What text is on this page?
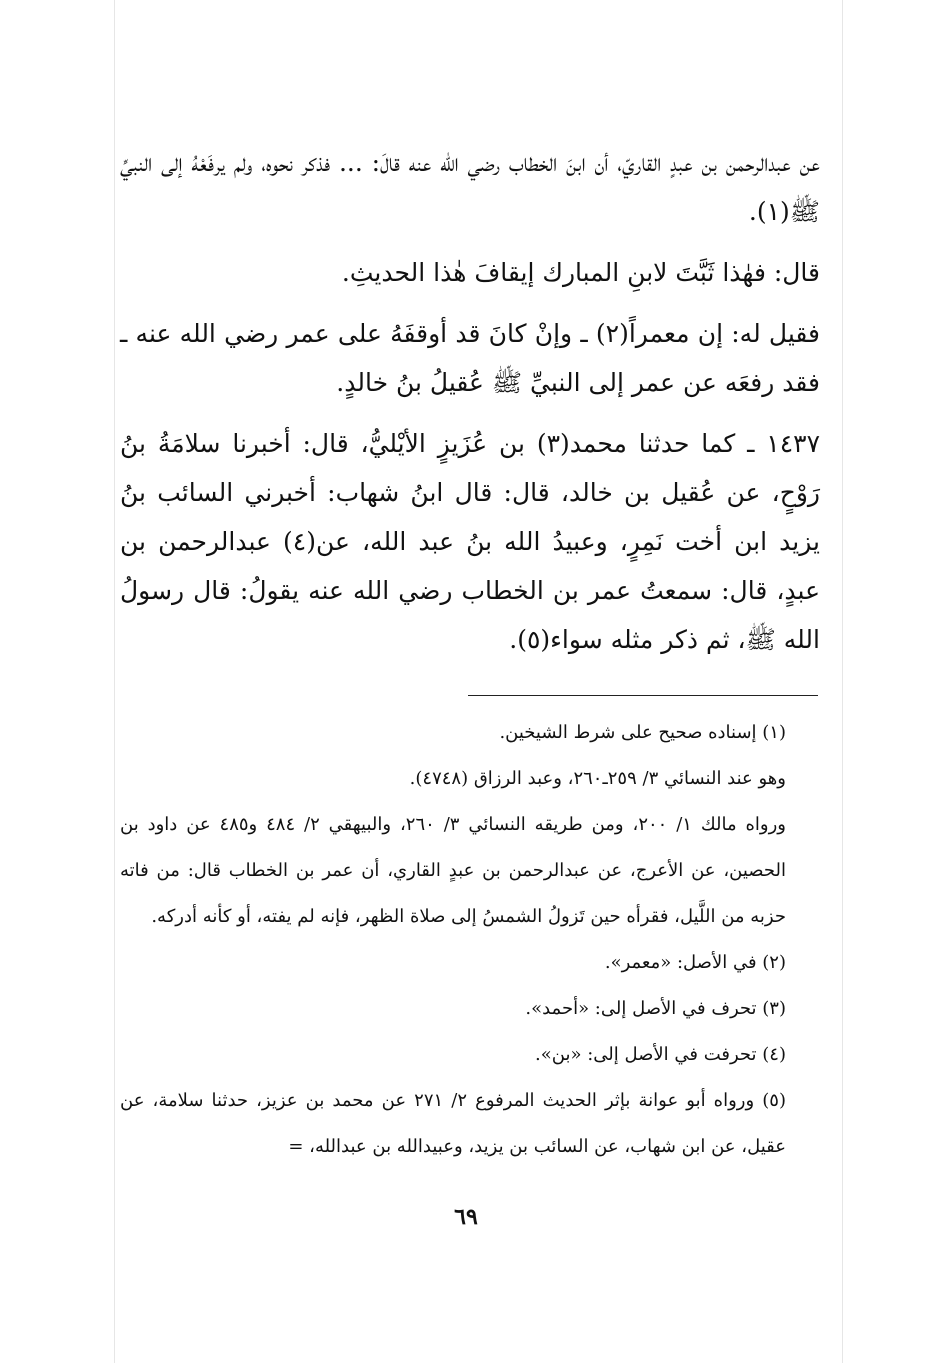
عن عبدالرحمن بن عبدٍ القاريّ، أن ابنَ الخطاب رضي الله عنه قالَ: ... فذكر نحوه، ولم يرفَعْهُ إلى النبيِّ ﷺ(١).

قال: فهٰذا ثَبَّتَ لابنِ المبارك إيقافَ هٰذا الحديثِ.

فقيل له: إن معمراً(٢) ـ وإنْ كانَ قد أوقفَهُ على عمر رضي الله عنه ـ فقد رفعَه عن عمر إلى النبيِّ ﷺ عُقيلُ بنُ خالدٍ.

١٤٣٧ ـ كما حدثنا محمد(٣) بن عُزَيزٍ الأيْليُّ، قال: أخبرنا سلامَةُ بنُ رَوْحٍ، عن عُقيل بن خالد، قال: قال ابنُ شهاب: أخبرني السائب بنُ يزيد ابن أخت نَمِرٍ، وعبيدُ الله بنُ عبد الله، عن(٤) عبدالرحمن بن عبدٍ، قال: سمعتُ عمر بن الخطاب رضي الله عنه يقولُ: قال رسولُ الله ﷺ، ثم ذكر مثله سواء(٥).

(١) إسناده صحيح على شرط الشيخين.

وهو عند النسائي ٣/ ٢٥٩ـ٢٦٠، وعبد الرزاق (٤٧٤٨).

ورواه مالك ١/ ٢٠٠، ومن طريقه النسائي ٣/ ٢٦٠، والبيهقي ٢/ ٤٨٤ و٤٨٥ عن داود بن الحصين، عن الأعرج، عن عبدالرحمن بن عبدٍ القاري، أن عمر بن الخطاب قال: من فاته حزبه من اللَّيل، فقرأه حين تَزولُ الشمسُ إلى صلاة الظهر، فإنه لم يفته، أو كأنه أدركه.

(٢) في الأصل: «معمر».

(٣) تحرف في الأصل إلى: «أحمد».

(٤) تحرفت في الأصل إلى: «بن».

(٥) ورواه أبو عوانة بإثر الحديث المرفوع ٢/ ٢٧١ عن محمد بن عزيز، حدثنا سلامة، عن عقيل، عن ابن شهاب، عن السائب بن يزيد، وعبيدالله بن عبدالله، =

٦٩
